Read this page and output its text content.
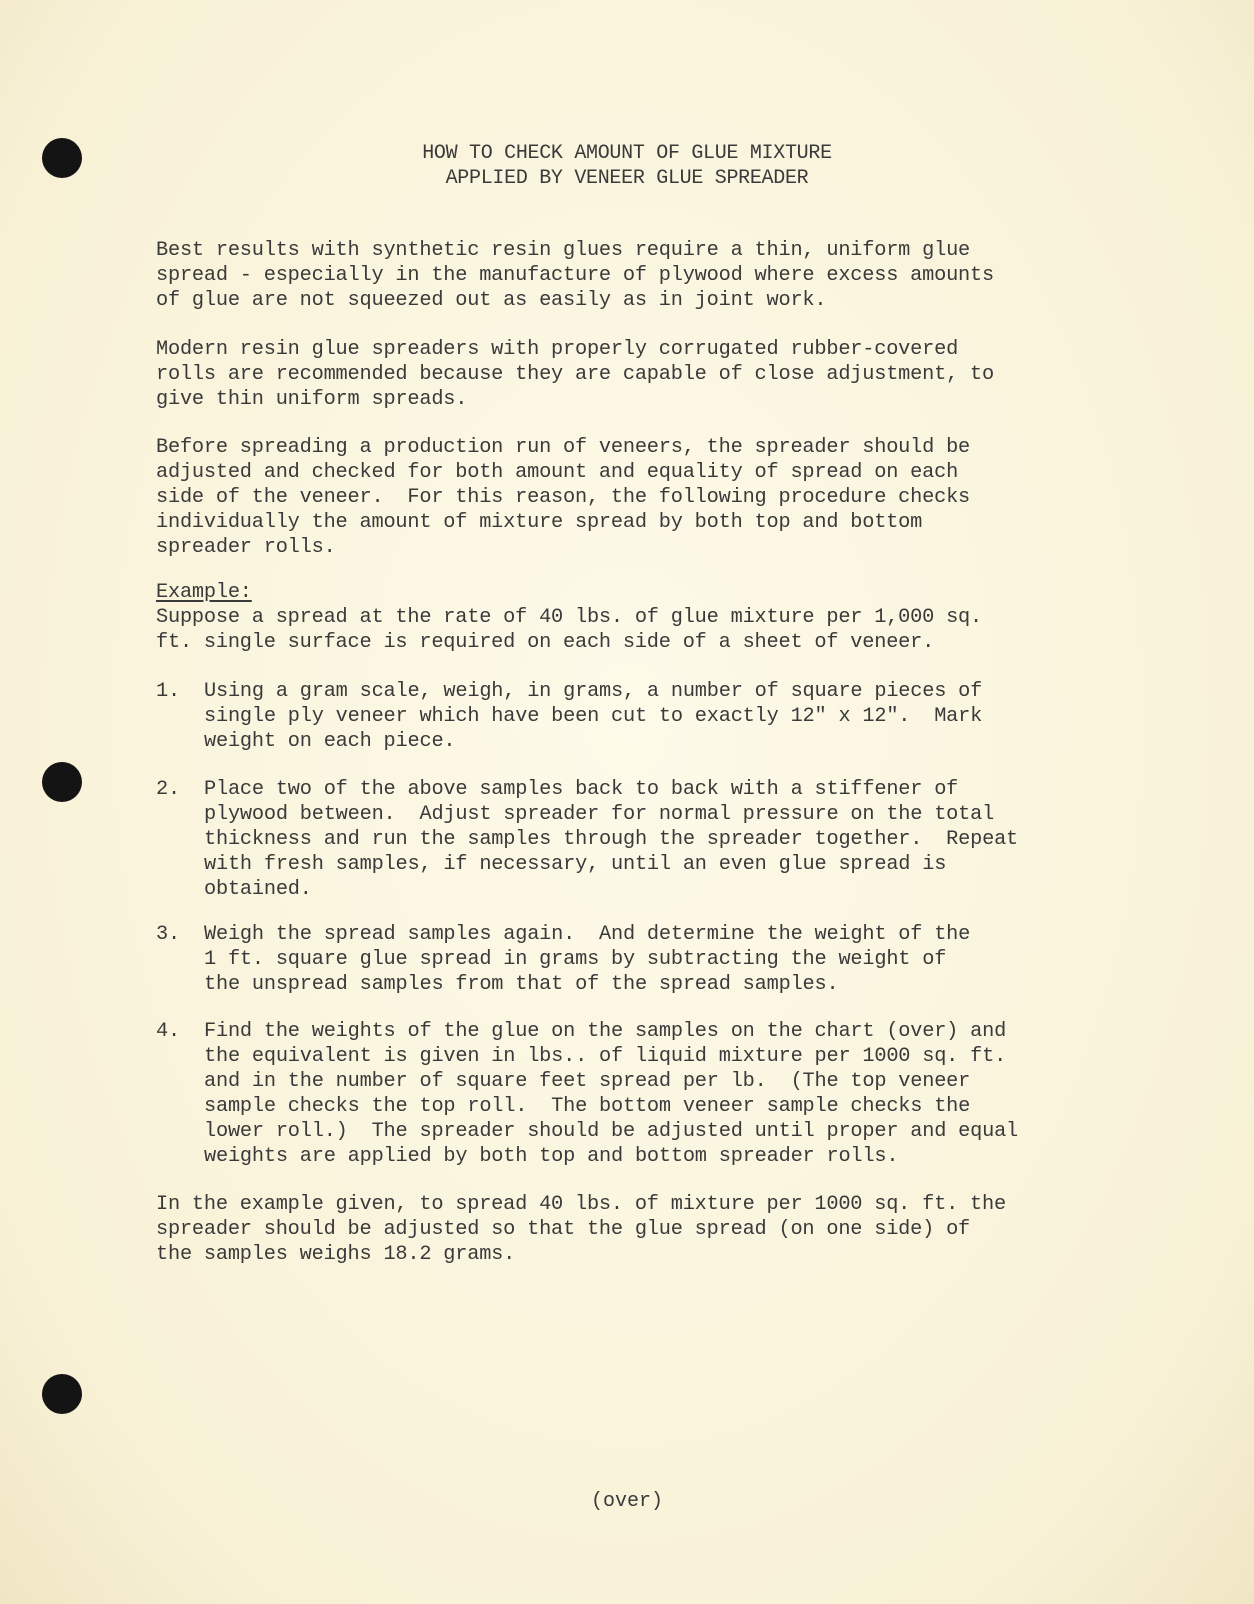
HOW TO CHECK AMOUNT OF GLUE MIXTURE
APPLIED BY VENEER GLUE SPREADER
Best results with synthetic resin glues require a thin, uniform glue
spread - especially in the manufacture of plywood where excess amounts
of glue are not squeezed out as easily as in joint work.
Modern resin glue spreaders with properly corrugated rubber-covered
rolls are recommended because they are capable of close adjustment, to
give thin uniform spreads.
Before spreading a production run of veneers, the spreader should be
adjusted and checked for both amount and equality of spread on each
side of the veneer.  For this reason, the following procedure checks
individually the amount of mixture spread by both top and bottom
spreader rolls.
Example:
Suppose a spread at the rate of 40 lbs. of glue mixture per 1,000 sq.
ft. single surface is required on each side of a sheet of veneer.
1. Using a gram scale, weigh, in grams, a number of square pieces of
single ply veneer which have been cut to exactly 12" x 12".  Mark
weight on each piece.
2. Place two of the above samples back to back with a stiffener of
plywood between.  Adjust spreader for normal pressure on the total
thickness and run the samples through the spreader together.  Repeat
with fresh samples, if necessary, until an even glue spread is
obtained.
3. Weigh the spread samples again.  And determine the weight of the
1 ft. square glue spread in grams by subtracting the weight of
the unspread samples from that of the spread samples.
4. Find the weights of the glue on the samples on the chart (over) and
the equivalent is given in lbs.. of liquid mixture per 1000 sq. ft.
and in the number of square feet spread per lb.  (The top veneer
sample checks the top roll.  The bottom veneer sample checks the
lower roll.)  The spreader should be adjusted until proper and equal
weights are applied by both top and bottom spreader rolls.
In the example given, to spread 40 lbs. of mixture per 1000 sq. ft. the
spreader should be adjusted so that the glue spread (on one side) of
the samples weighs 18.2 grams.
(over)
